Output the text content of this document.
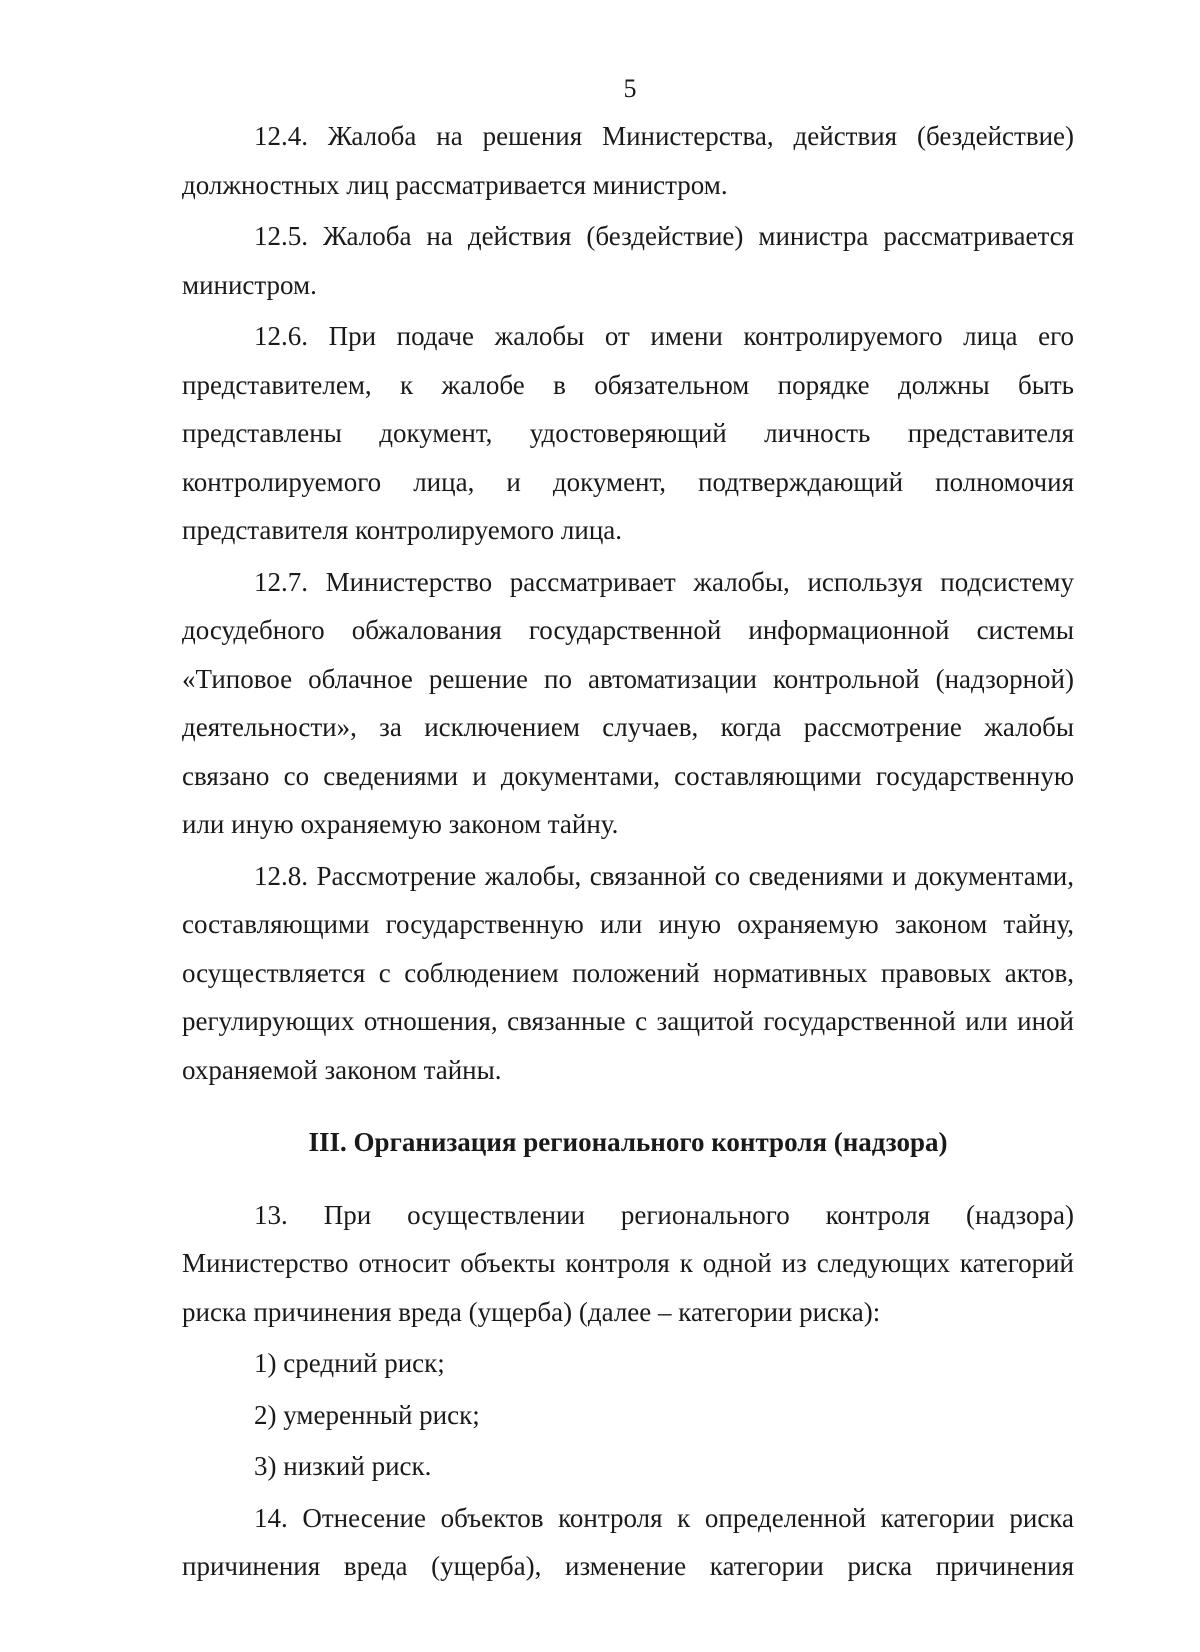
5

12.4. Жалоба на решения Министерства, действия (бездействие) должностных лиц рассматривается министром.

12.5. Жалоба на действия (бездействие) министра рассматривается министром.

12.6. При подаче жалобы от имени контролируемого лица его представителем, к жалобе в обязательном порядке должны быть представлены документ, удостоверяющий личность представителя контролируемого лица, и документ, подтверждающий полномочия представителя контролируемого лица.

12.7. Министерство рассматривает жалобы, используя подсистему досудебного обжалования государственной информационной системы «Типовое облачное решение по автоматизации контрольной (надзорной) деятельности», за исключением случаев, когда рассмотрение жалобы связано со сведениями и документами, составляющими государственную или иную охраняемую законом тайну.

12.8. Рассмотрение жалобы, связанной со сведениями и документами, составляющими государственную или иную охраняемую законом тайну, осуществляется с соблюдением положений нормативных правовых актов, регулирующих отношения, связанные с защитой государственной или иной охраняемой законом тайны.

III. Организация регионального контроля (надзора)

13. При осуществлении регионального контроля (надзора) Министерство относит объекты контроля к одной из следующих категорий риска причинения вреда (ущерба) (далее – категории риска):

1) средний риск;

2) умеренный риск;

3) низкий риск.

14. Отнесение объектов контроля к определенной категории риска причинения вреда (ущерба), изменение категории риска причинения
